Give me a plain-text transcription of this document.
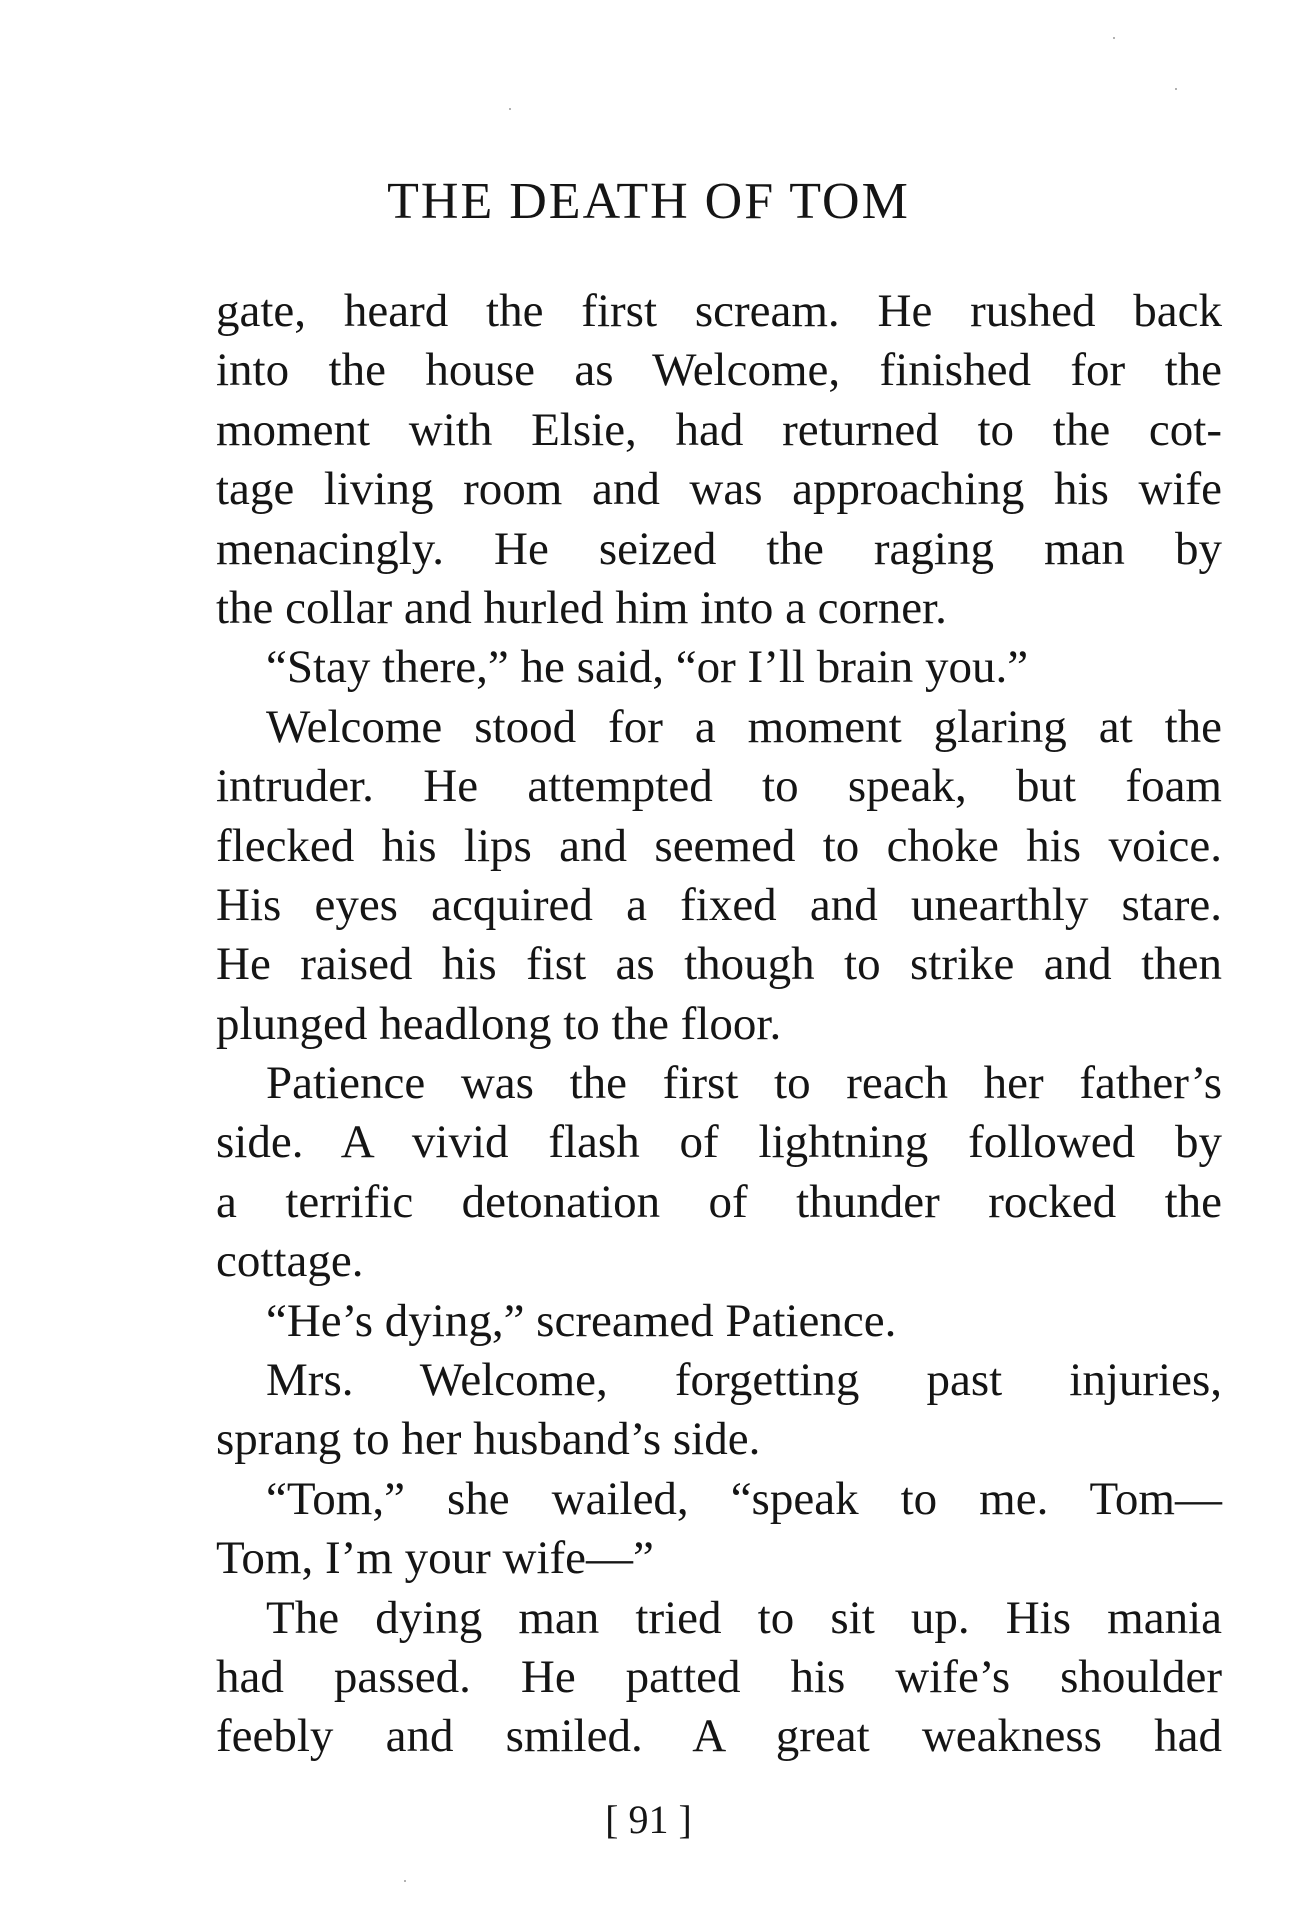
THE DEATH OF TOM
gate, heard the first scream. He rushed back
into the house as Welcome, finished for the
moment with Elsie, had returned to the cot-
tage living room and was approaching his wife
menacingly. He seized the raging man by
the collar and hurled him into a corner.
“Stay there,” he said, “or I’ll brain you.”
Welcome stood for a moment glaring at the
intruder. He attempted to speak, but foam
flecked his lips and seemed to choke his voice.
His eyes acquired a fixed and unearthly stare.
He raised his fist as though to strike and then
plunged headlong to the floor.
Patience was the first to reach her father’s
side. A vivid flash of lightning followed by
a terrific detonation of thunder rocked the
cottage.
“He’s dying,” screamed Patience.
Mrs. Welcome, forgetting past injuries,
sprang to her husband’s side.
“Tom,” she wailed, “speak to me. Tom—
Tom, I’m your wife—”
The dying man tried to sit up. His mania
had passed. He patted his wife’s shoulder
feebly and smiled. A great weakness had
[ 91 ]
